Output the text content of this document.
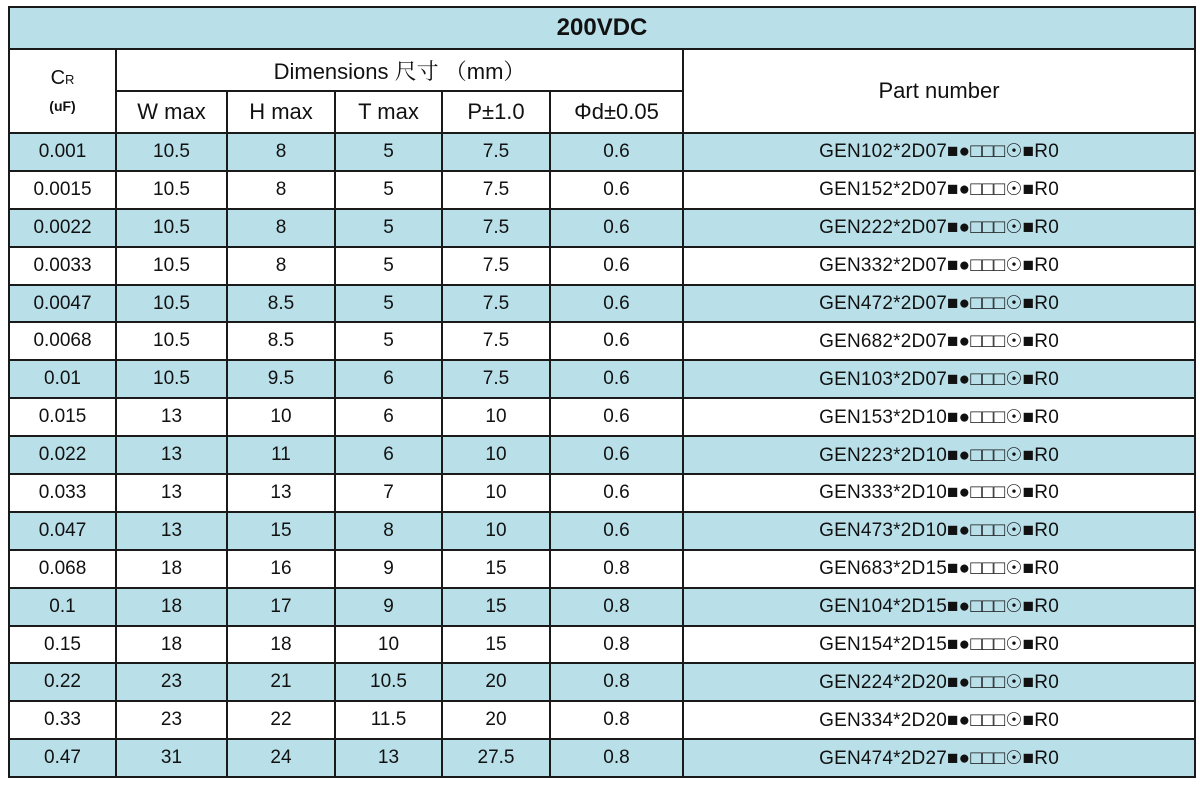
200VDC						
CR
(uF)	Dimensions 尺寸 （mm）					Part number
	W max	H max	T max	P±1.0	Φd±0.05	
0.001	10.5	8	5	7.5	0.6	GEN102*2D07■●□□□☉■R0
0.0015	10.5	8	5	7.5	0.6	GEN152*2D07■●□□□☉■R0
0.0022	10.5	8	5	7.5	0.6	GEN222*2D07■●□□□☉■R0
0.0033	10.5	8	5	7.5	0.6	GEN332*2D07■●□□□☉■R0
0.0047	10.5	8.5	5	7.5	0.6	GEN472*2D07■●□□□☉■R0
0.0068	10.5	8.5	5	7.5	0.6	GEN682*2D07■●□□□☉■R0
0.01	10.5	9.5	6	7.5	0.6	GEN103*2D07■●□□□☉■R0
0.015	13	10	6	10	0.6	GEN153*2D10■●□□□☉■R0
0.022	13	11	6	10	0.6	GEN223*2D10■●□□□☉■R0
0.033	13	13	7	10	0.6	GEN333*2D10■●□□□☉■R0
0.047	13	15	8	10	0.6	GEN473*2D10■●□□□☉■R0
0.068	18	16	9	15	0.8	GEN683*2D15■●□□□☉■R0
0.1	18	17	9	15	0.8	GEN104*2D15■●□□□☉■R0
0.15	18	18	10	15	0.8	GEN154*2D15■●□□□☉■R0
0.22	23	21	10.5	20	0.8	GEN224*2D20■●□□□☉■R0
0.33	23	22	11.5	20	0.8	GEN334*2D20■●□□□☉■R0
0.47	31	24	13	27.5	0.8	GEN474*2D27■●□□□☉■R0
